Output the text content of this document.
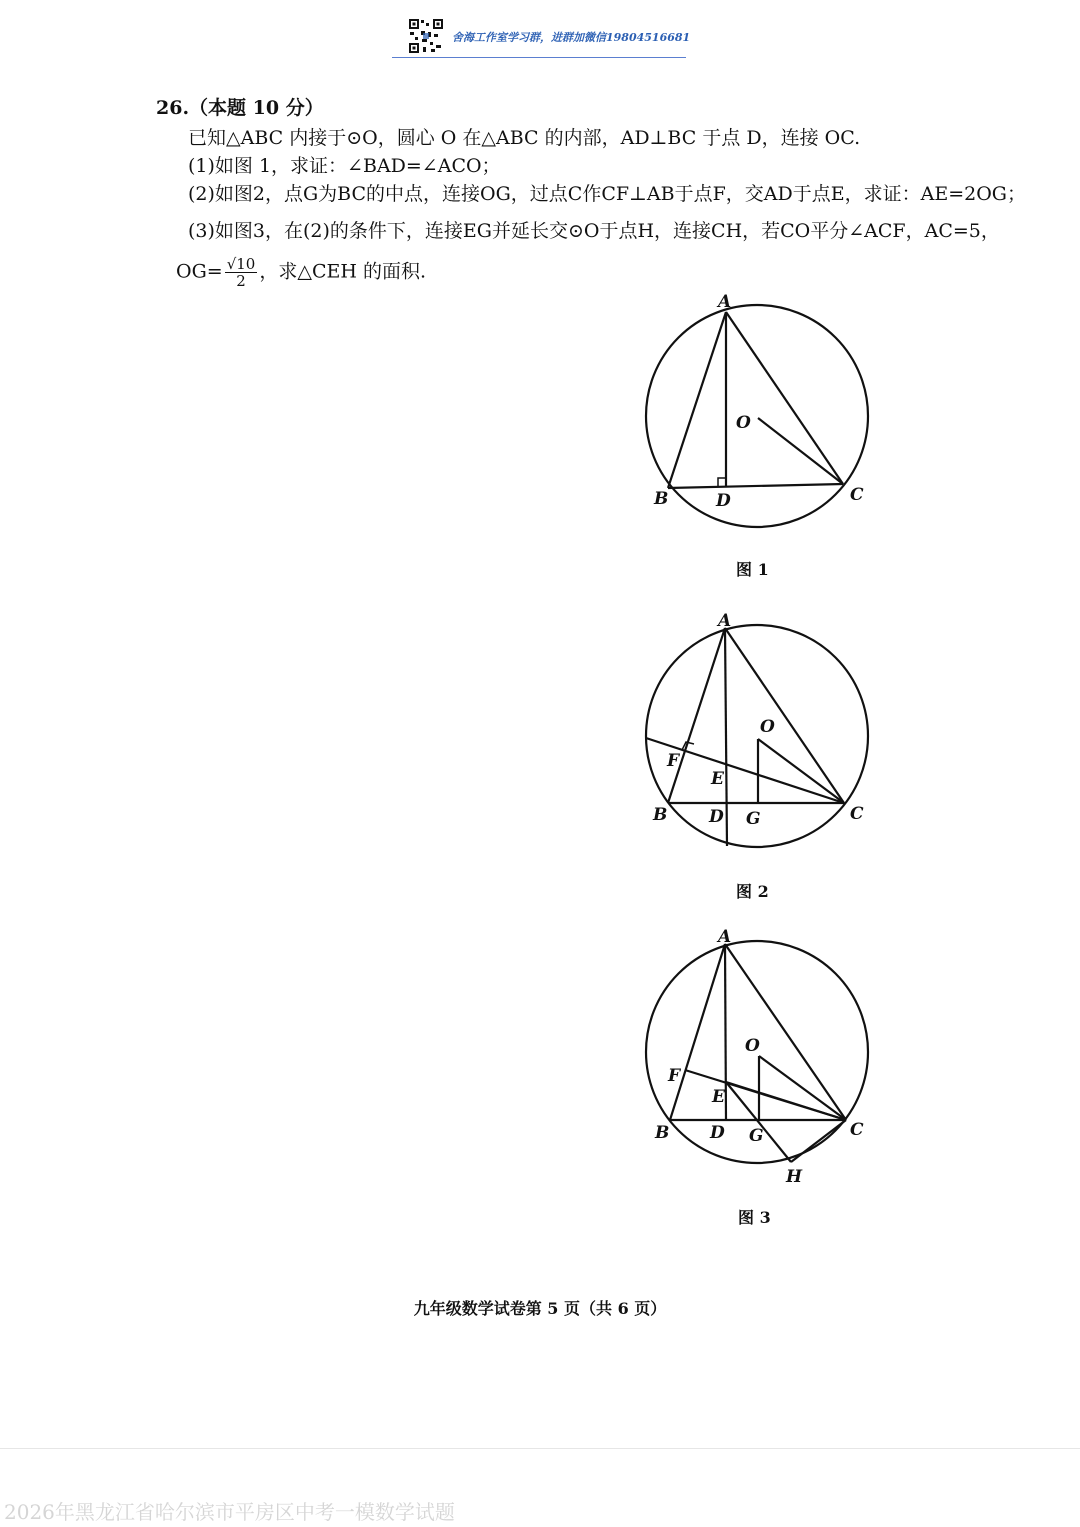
舍海工作室学习群，进群加微信19804516681
26.（本题 10 分）
已知△ABC 内接于⊙O，圆心 O 在△ABC 的内部，AD⊥BC 于点 D，连接 OC.
(1)如图 1，求证：∠BAD=∠ACO；
(2)如图2，点G为BC的中点，连接OG，过点C作CF⊥AB于点F，交AD于点E，求证：AE=2OG；
(3)如图3，在(2)的条件下，连接EG并延长交⊙O于点H，连接CH，若CO平分∠ACF，AC=5，
$OG= \frac{√10}{2}$ ，求△CEH 的面积.
A
O
B	D	C
图 1
A
O
F
E
B D G	C
图 2
A
O
F
E
B D G	C
H
图 3
九年级数学试卷第 5 页（共 6 页）
2026年黑龙江省哈尔滨市平房区中考一模数学试题
